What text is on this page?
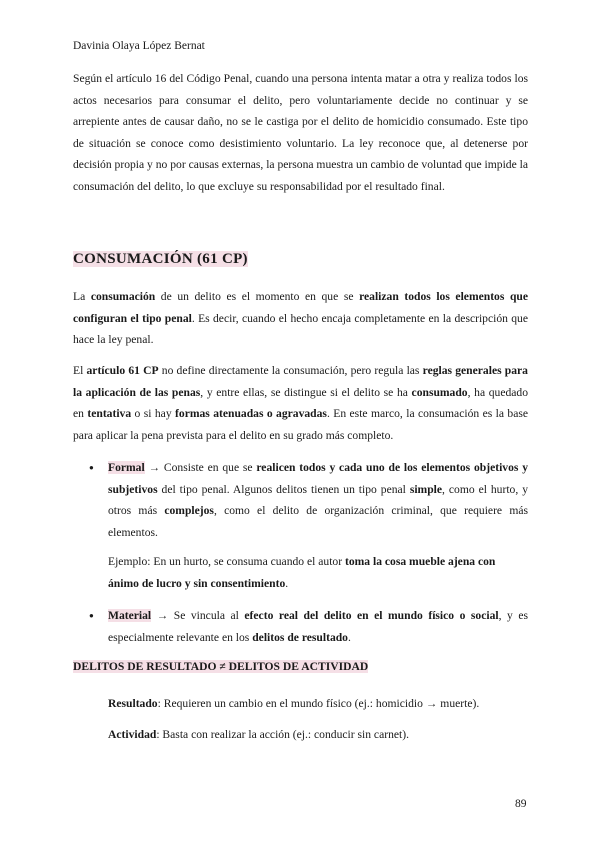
Davinia Olaya López Bernat

Según el artículo 16 del Código Penal, cuando una persona intenta matar a otra y realiza todos los actos necesarios para consumar el delito, pero voluntariamente decide no continuar y se arrepiente antes de causar daño, no se le castiga por el delito de homicidio consumado. Este tipo de situación se conoce como desistimiento voluntario. La ley reconoce que, al detenerse por decisión propia y no por causas externas, la persona muestra un cambio de voluntad que impide la consumación del delito, lo que excluye su responsabilidad por el resultado final.

CONSUMACIÓN (61 CP)

La consumación de un delito es el momento en que se realizan todos los elementos que configuran el tipo penal. Es decir, cuando el hecho encaja completamente en la descripción que hace la ley penal.

El artículo 61 CP no define directamente la consumación, pero regula las reglas generales para la aplicación de las penas, y entre ellas, se distingue si el delito se ha consumado, ha quedado en tentativa o si hay formas atenuadas o agravadas. En este marco, la consumación es la base para aplicar la pena prevista para el delito en su grado más completo.

● Formal → Consiste en que se realicen todos y cada uno de los elementos objetivos y subjetivos del tipo penal. Algunos delitos tienen un tipo penal simple, como el hurto, y otros más complejos, como el delito de organización criminal, que requiere más elementos.

Ejemplo: En un hurto, se consuma cuando el autor toma la cosa mueble ajena con ánimo de lucro y sin consentimiento.

● Material → Se vincula al efecto real del delito en el mundo físico o social, y es especialmente relevante en los delitos de resultado.
DELITOS DE RESULTADO ≠ DELITOS DE ACTIVIDAD

Resultado: Requieren un cambio en el mundo físico (ej.: homicidio → muerte).

Actividad: Basta con realizar la acción (ej.: conducir sin carnet).

89
